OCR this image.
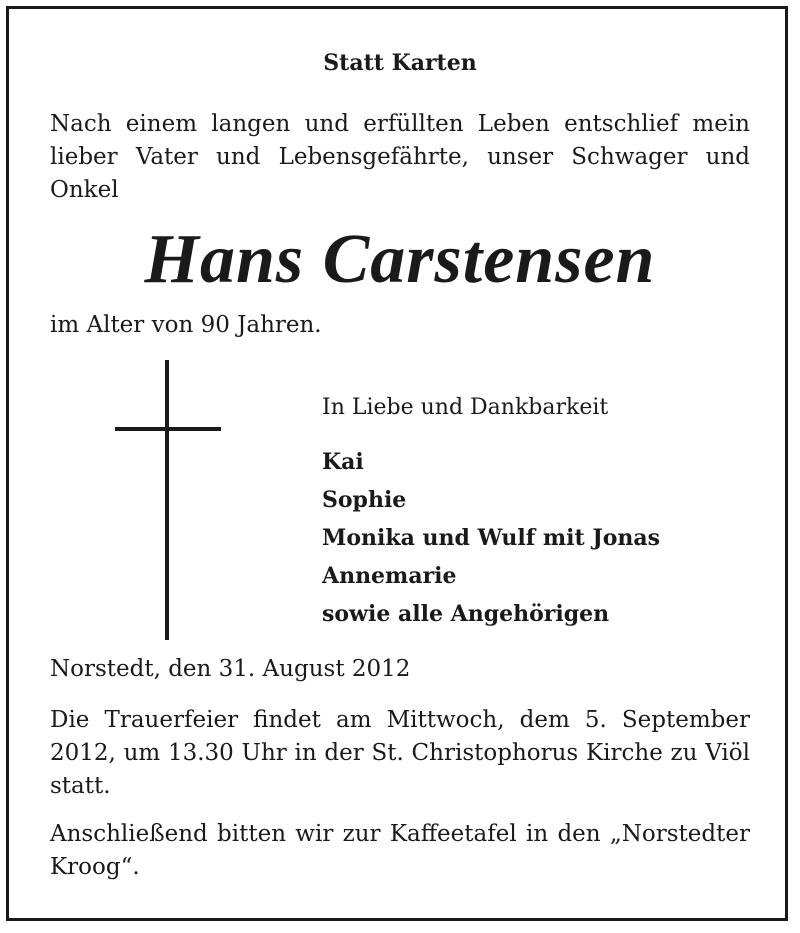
Statt Karten

Nach einem langen und erfüllten Leben entschlief mein lieber Vater und Lebensgefährte, unser Schwager und Onkel

Hans Carstensen
im Alter von 90 Jahren.
In Liebe und Dankbarkeit
Kai
Sophie
Monika und Wulf mit Jonas
Annemarie
sowie alle Angehörigen
Norstedt, den 31. August 2012

Die Trauerfeier findet am Mittwoch, dem 5. September 2012, um 13.30 Uhr in der St. Christophorus Kirche zu Viöl statt.

Anschließend bitten wir zur Kaffeetafel in den „Norstedter Kroog“.
